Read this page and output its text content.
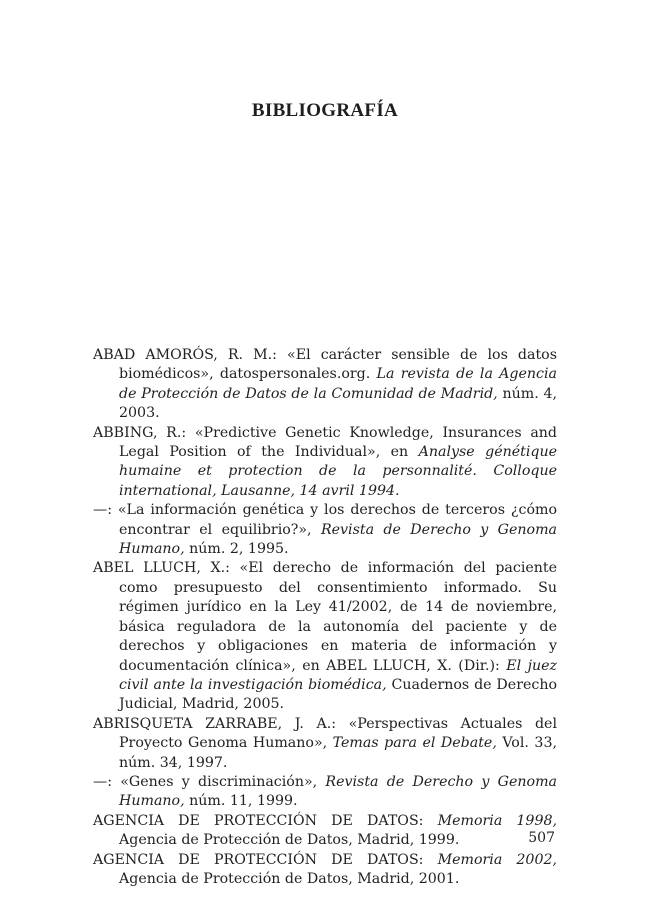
BIBLIOGRAFÍA

ABAD AMORÓS, R. M.: «El carácter sensible de los datos biomédicos», datospersonales.org. La revista de la Agencia de Protección de Datos de la Comunidad de Madrid, núm. 4, 2003.

ABBING, R.: «Predictive Genetic Knowledge, Insurances and Legal Position of the Individual», en Analyse génétique humaine et protection de la personnalité. Colloque international, Lausanne, 14 avril 1994.

—: «La información genética y los derechos de terceros ¿cómo encontrar el equilibrio?», Revista de Derecho y Genoma Humano, núm. 2, 1995.

ABEL LLUCH, X.: «El derecho de información del paciente como presupuesto del consentimiento informado. Su régimen jurídico en la Ley 41/2002, de 14 de noviembre, básica reguladora de la autonomía del paciente y de derechos y obligaciones en materia de información y documentación clínica», en ABEL LLUCH, X. (Dir.): El juez civil ante la investigación biomédica, Cuadernos de Derecho Judicial, Madrid, 2005.

ABRISQUETA ZARRABE, J. A.: «Perspectivas Actuales del Proyecto Genoma Humano», Temas para el Debate, Vol. 33, núm. 34, 1997.

—: «Genes y discriminación», Revista de Derecho y Genoma Humano, núm. 11, 1999.

AGENCIA DE PROTECCIÓN DE DATOS: Memoria 1998, Agencia de Protección de Datos, Madrid, 1999.

AGENCIA DE PROTECCIÓN DE DATOS: Memoria 2002, Agencia de Protección de Datos, Madrid, 2001.

507
